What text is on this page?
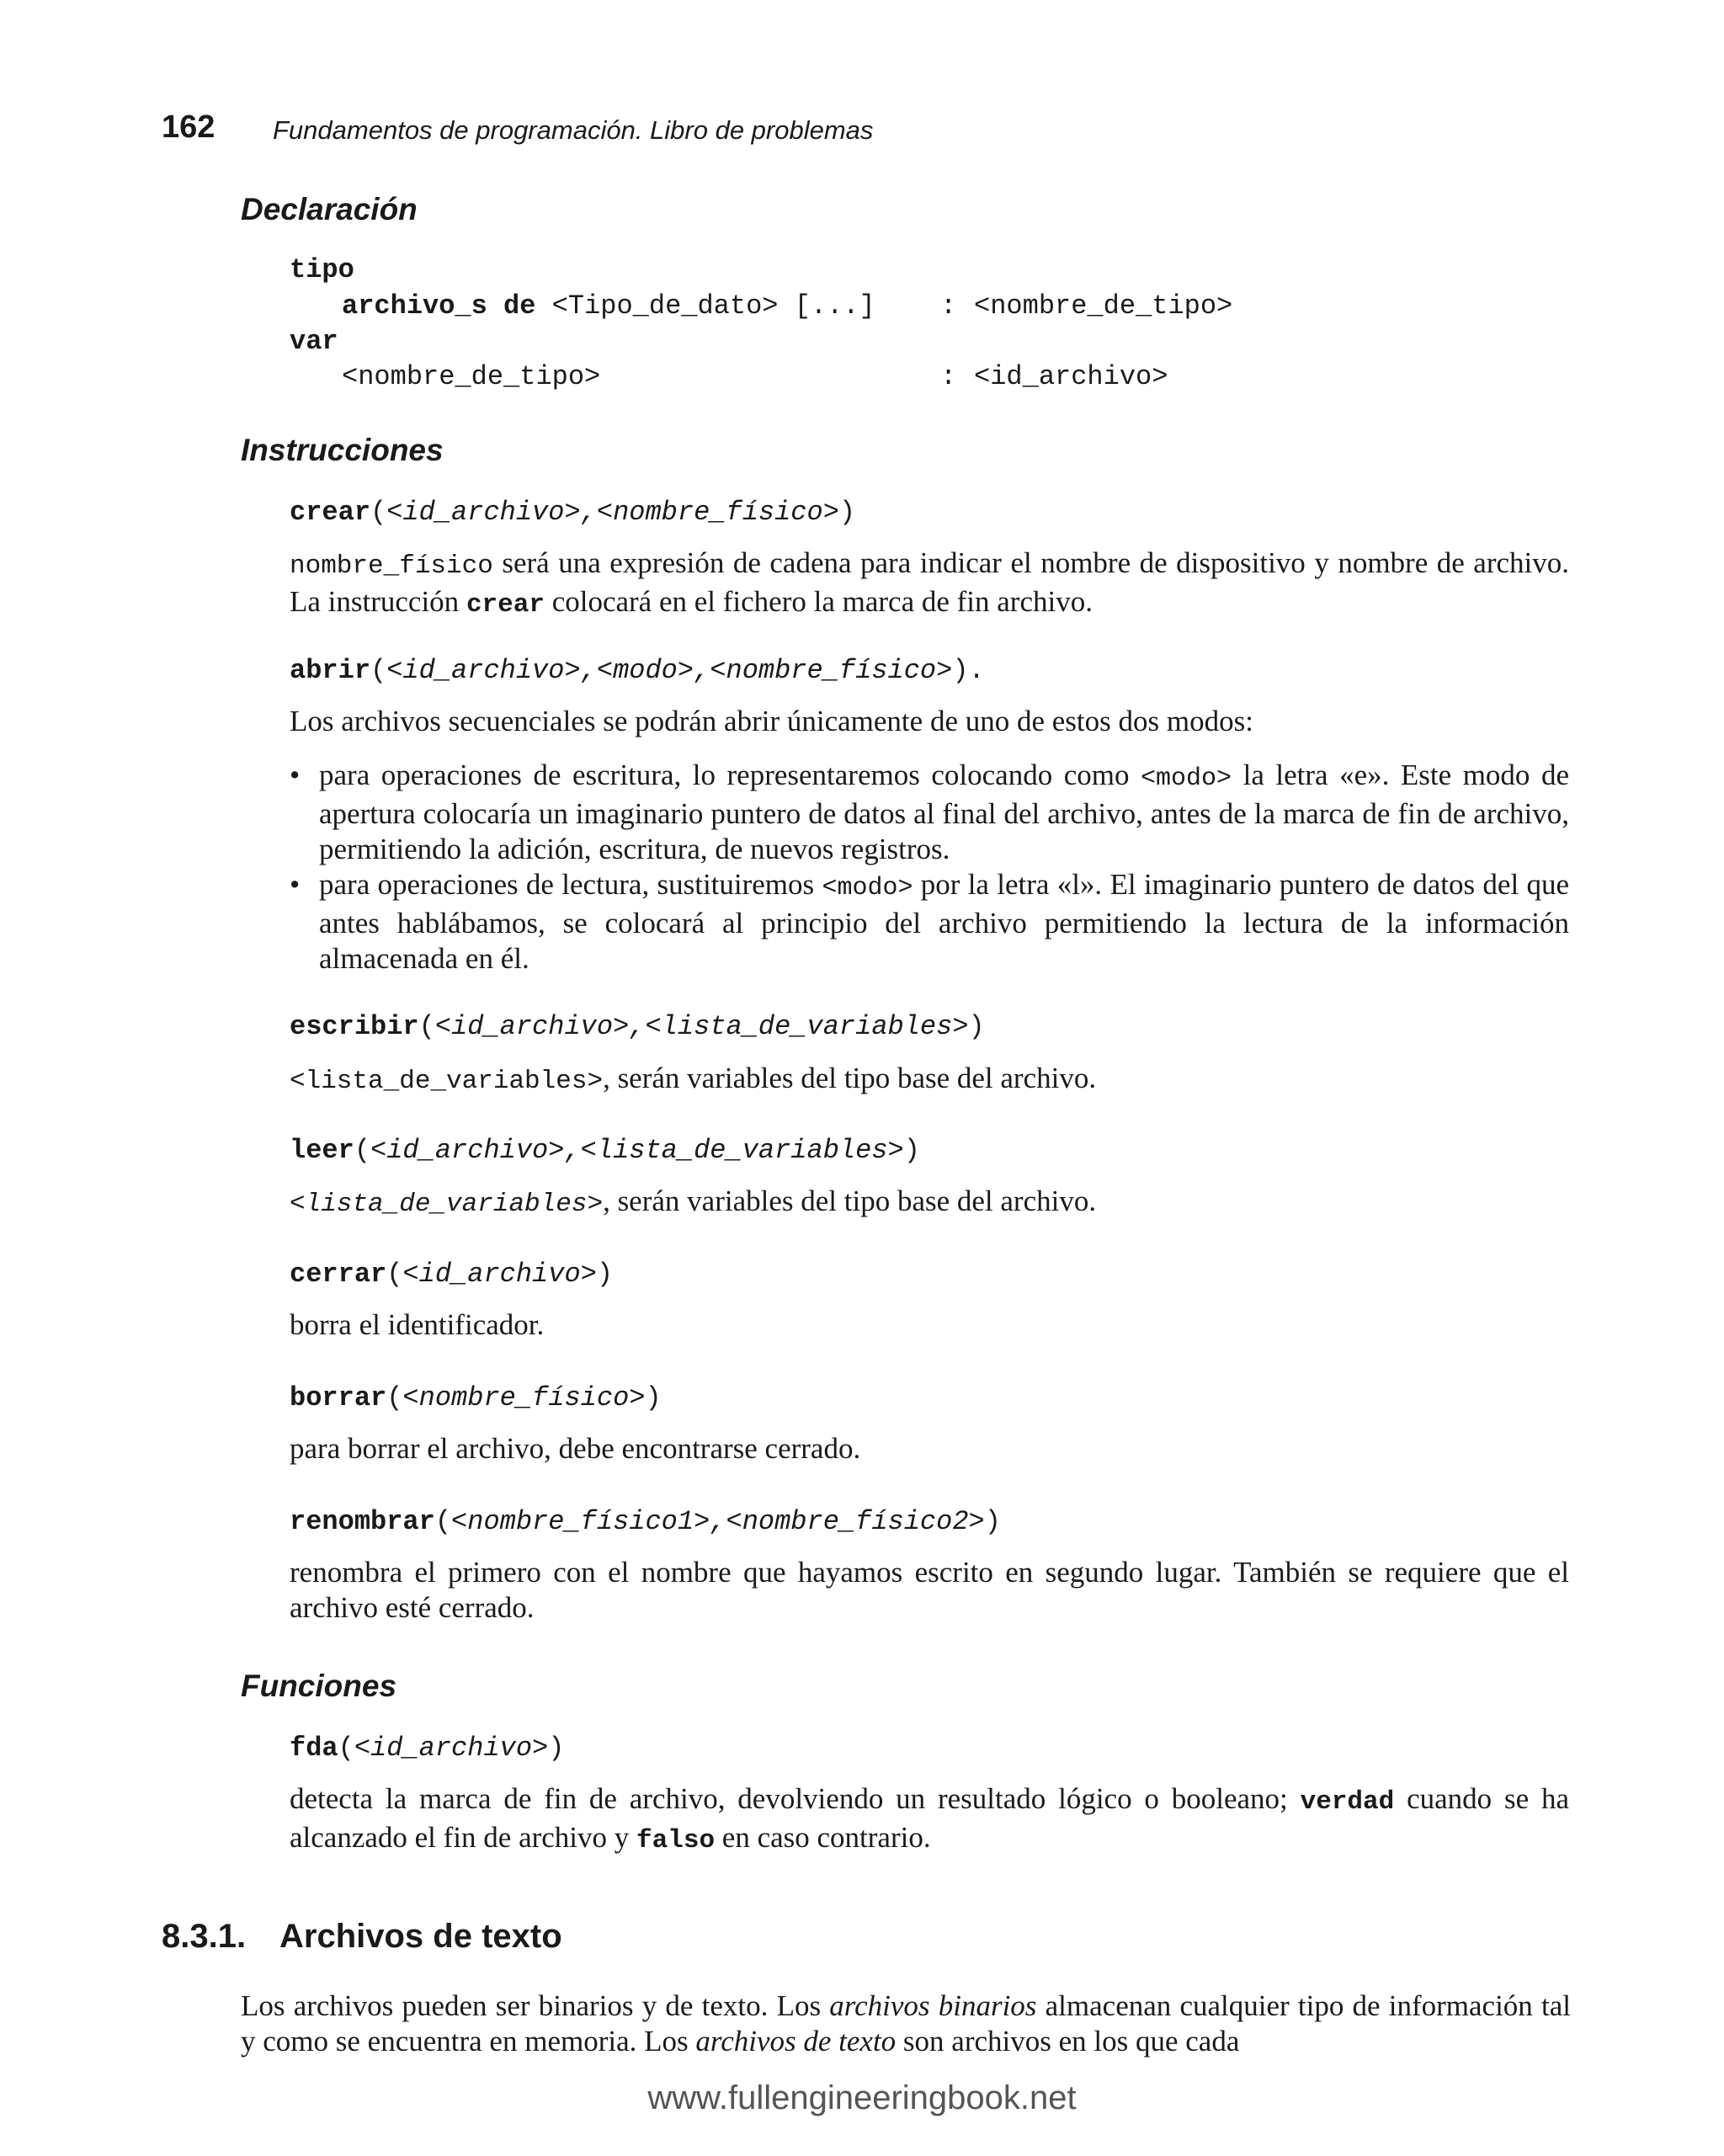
162 Fundamentos de programación. Libro de problemas
Declaración
tipo
archivo_s de <Tipo_de_dato> [...] : <nombre_de_tipo>
var
<nombre_de_tipo>	: <id_archivo>
Instrucciones
crear(<id_archivo>,<nombre_físico>)
nombre_físico será una expresión de cadena para indicar el nombre de dispositivo y nombre de archivo. La instrucción crear colocará en el fichero la marca de fin archivo.
abrir(<id_archivo>,<modo>,<nombre_físico>).
Los archivos secuenciales se podrán abrir únicamente de uno de estos dos modos:
• para operaciones de escritura, lo representaremos colocando como <modo> la letra «e». Este modo de apertura colocaría un imaginario puntero de datos al final del archivo, antes de la marca de fin de archivo, permitiendo la adición, escritura, de nuevos registros.
• para operaciones de lectura, sustituiremos <modo> por la letra «l». El imaginario puntero de datos del que antes hablábamos, se colocará al principio del archivo permitiendo la lectura de la información almacenada en él.
escribir(<id_archivo>,<lista_de_variables>)
<lista_de_variables>, serán variables del tipo base del archivo.
leer(<id_archivo>,<lista_de_variables>)
<lista_de_variables>, serán variables del tipo base del archivo.
cerrar(<id_archivo>)
borra el identificador.
borrar(<nombre_físico>)
para borrar el archivo, debe encontrarse cerrado.
renombrar(<nombre_físico1>,<nombre_físico2>)
renombra el primero con el nombre que hayamos escrito en segundo lugar. También se requiere que el archivo esté cerrado.
Funciones
fda(<id_archivo>)
detecta la marca de fin de archivo, devolviendo un resultado lógico o booleano; verdad cuando se ha alcanzado el fin de archivo y falso en caso contrario.
8.3.1. Archivos de texto
Los archivos pueden ser binarios y de texto. Los archivos binarios almacenan cualquier tipo de información tal y como se encuentra en memoria. Los archivos de texto son archivos en los que cada
www.fullengineeringbook.net
